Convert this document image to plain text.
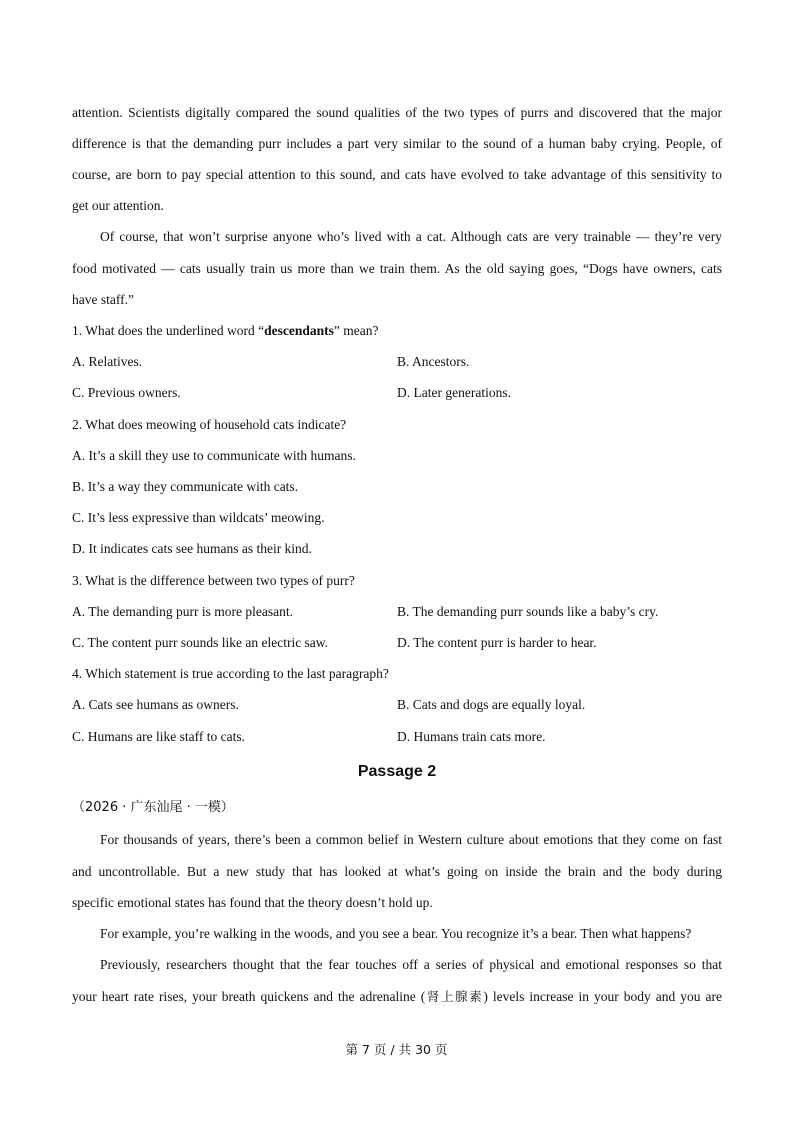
attention. Scientists digitally compared the sound qualities of the two types of purrs and discovered that the major
difference is that the demanding purr includes a part very similar to the sound of a human baby crying. People, of
course, are born to pay special attention to this sound, and cats have evolved to take advantage of this sensitivity to
get our attention.
Of course, that won’t surprise anyone who’s lived with a cat. Although cats are very trainable — they’re very
food motivated — cats usually train us more than we train them. As the old saying goes, “Dogs have owners, cats
have staff.”
1. What does the underlined word “descendants” mean?
A. Relatives.	B. Ancestors.
C. Previous owners.	D. Later generations.
2. What does meowing of household cats indicate?
A. It’s a skill they use to communicate with humans.
B. It’s a way they communicate with cats.
C. It’s less expressive than wildcats’ meowing.
D. It indicates cats see humans as their kind.
3. What is the difference between two types of purr?
A. The demanding purr is more pleasant.	B. The demanding purr sounds like a baby’s cry.
C. The content purr sounds like an electric saw.	D. The content purr is harder to hear.
4. Which statement is true according to the last paragraph?
A. Cats see humans as owners.	B. Cats and dogs are equally loyal.
C. Humans are like staff to cats.	D. Humans train cats more.
Passage 2
（2026 · 广东汕尾 · 一模）
For thousands of years, there’s been a common belief in Western culture about emotions that they come on fast
and uncontrollable. But a new study that has looked at what’s going on inside the brain and the body during
specific emotional states has found that the theory doesn’t hold up.
For example, you’re walking in the woods, and you see a bear. You recognize it’s a bear. Then what happens?
Previously, researchers thought that the fear touches off a series of physical and emotional responses so that
your heart rate rises, your breath quickens and the adrenaline (肾上腺素) levels increase in your body and you are
第 7 页 / 共 30 页
